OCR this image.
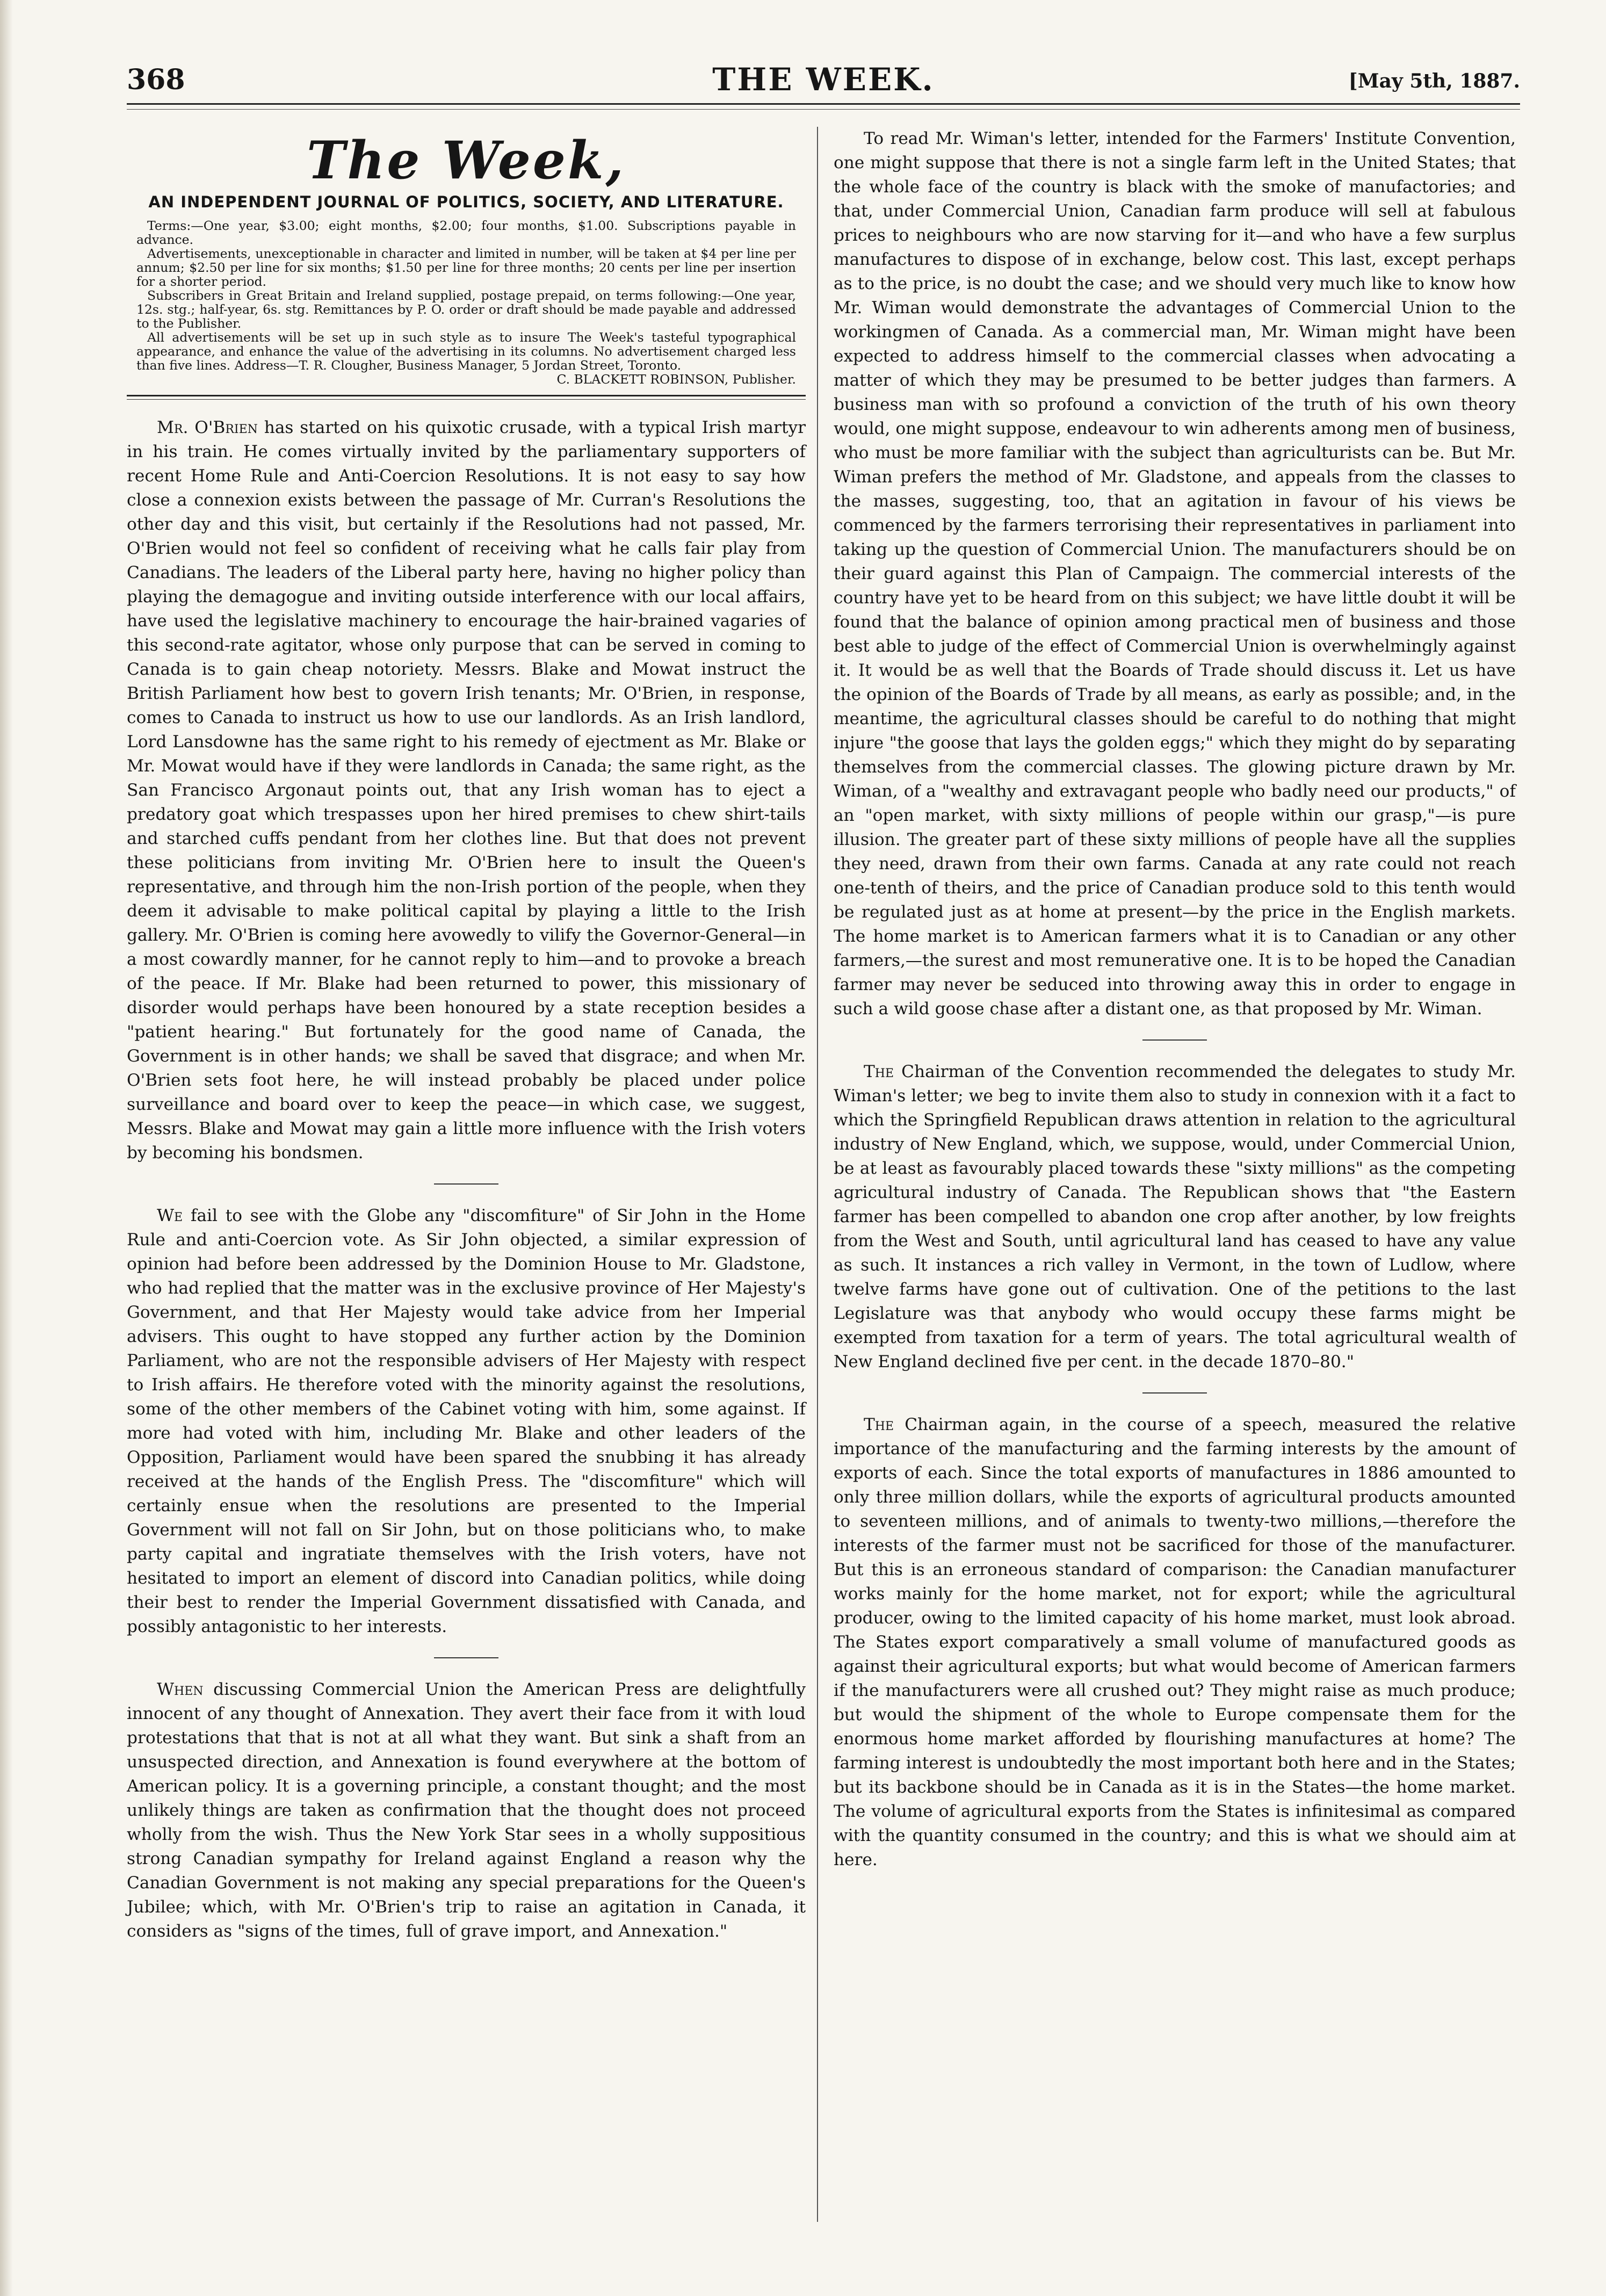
368	THE WEEK.	[May 5th, 1887.
The Week,
AN INDEPENDENT JOURNAL OF POLITICS, SOCIETY, AND LITERATURE.

Terms:—One year, $3.00; eight months, $2.00; four months, $1.00. Subscriptions payable in advance.

Advertisements, unexceptionable in character and limited in number, will be taken at $4 per line per annum; $2.50 per line for six months; $1.50 per line for three months; 20 cents per line per insertion for a shorter period.

Subscribers in Great Britain and Ireland supplied, postage prepaid, on terms following:—One year, 12s. stg.; half-year, 6s. stg. Remittances by P. O. order or draft should be made payable and addressed to the Publisher.

All advertisements will be set up in such style as to insure The Week's tasteful typographical appearance, and enhance the value of the advertising in its columns. No advertisement charged less than five lines. Address—T. R. Clougher, Business Manager, 5 Jordan Street, Toronto.

C. BLACKETT ROBINSON, Publisher.

Mr. O'Brien has started on his quixotic crusade, with a typical Irish martyr in his train. He comes virtually invited by the parliamentary supporters of recent Home Rule and Anti-Coercion Resolutions. It is not easy to say how close a connexion exists between the passage of Mr. Curran's Resolutions the other day and this visit, but certainly if the Resolutions had not passed, Mr. O'Brien would not feel so confident of receiving what he calls fair play from Canadians. The leaders of the Liberal party here, having no higher policy than playing the demagogue and inviting outside interference with our local affairs, have used the legislative machinery to encourage the hair-brained vagaries of this second-rate agitator, whose only purpose that can be served in coming to Canada is to gain cheap notoriety. Messrs. Blake and Mowat instruct the British Parliament how best to govern Irish tenants; Mr. O'Brien, in response, comes to Canada to instruct us how to use our landlords. As an Irish landlord, Lord Lansdowne has the same right to his remedy of ejectment as Mr. Blake or Mr. Mowat would have if they were landlords in Canada; the same right, as the San Francisco Argonaut points out, that any Irish woman has to eject a predatory goat which trespasses upon her hired premises to chew shirt-tails and starched cuffs pendant from her clothes line. But that does not prevent these politicians from inviting Mr. O'Brien here to insult the Queen's representative, and through him the non-Irish portion of the people, when they deem it advisable to make political capital by playing a little to the Irish gallery. Mr. O'Brien is coming here avowedly to vilify the Governor-General—in a most cowardly manner, for he cannot reply to him—and to provoke a breach of the peace. If Mr. Blake had been returned to power, this missionary of disorder would perhaps have been honoured by a state reception besides a "patient hearing." But fortunately for the good name of Canada, the Government is in other hands; we shall be saved that disgrace; and when Mr. O'Brien sets foot here, he will instead probably be placed under police surveillance and board over to keep the peace—in which case, we suggest, Messrs. Blake and Mowat may gain a little more influence with the Irish voters by becoming his bondsmen.

We fail to see with the Globe any "discomfiture" of Sir John in the Home Rule and anti-Coercion vote. As Sir John objected, a similar expression of opinion had before been addressed by the Dominion House to Mr. Gladstone, who had replied that the matter was in the exclusive province of Her Majesty's Government, and that Her Majesty would take advice from her Imperial advisers. This ought to have stopped any further action by the Dominion Parliament, who are not the responsible advisers of Her Majesty with respect to Irish affairs. He therefore voted with the minority against the resolutions, some of the other members of the Cabinet voting with him, some against. If more had voted with him, including Mr. Blake and other leaders of the Opposition, Parliament would have been spared the snubbing it has already received at the hands of the English Press. The "discomfiture" which will certainly ensue when the resolutions are presented to the Imperial Government will not fall on Sir John, but on those politicians who, to make party capital and ingratiate themselves with the Irish voters, have not hesitated to import an element of discord into Canadian politics, while doing their best to render the Imperial Government dissatisfied with Canada, and possibly antagonistic to her interests.

When discussing Commercial Union the American Press are delightfully innocent of any thought of Annexation. They avert their face from it with loud protestations that that is not at all what they want. But sink a shaft from an unsuspected direction, and Annexation is found everywhere at the bottom of American policy. It is a governing principle, a constant thought; and the most unlikely things are taken as confirmation that the thought does not proceed wholly from the wish. Thus the New York Star sees in a wholly suppositious strong Canadian sympathy for Ireland against England a reason why the Canadian Government is not making any special preparations for the Queen's Jubilee; which, with Mr. O'Brien's trip to raise an agitation in Canada, it considers as "signs of the times, full of grave import, and Annexation."

To read Mr. Wiman's letter, intended for the Farmers' Institute Convention, one might suppose that there is not a single farm left in the United States; that the whole face of the country is black with the smoke of manufactories; and that, under Commercial Union, Canadian farm produce will sell at fabulous prices to neighbours who are now starving for it—and who have a few surplus manufactures to dispose of in exchange, below cost. This last, except perhaps as to the price, is no doubt the case; and we should very much like to know how Mr. Wiman would demonstrate the advantages of Commercial Union to the workingmen of Canada. As a commercial man, Mr. Wiman might have been expected to address himself to the commercial classes when advocating a matter of which they may be presumed to be better judges than farmers. A business man with so profound a conviction of the truth of his own theory would, one might suppose, endeavour to win adherents among men of business, who must be more familiar with the subject than agriculturists can be. But Mr. Wiman prefers the method of Mr. Gladstone, and appeals from the classes to the masses, suggesting, too, that an agitation in favour of his views be commenced by the farmers terrorising their representatives in parliament into taking up the question of Commercial Union. The manufacturers should be on their guard against this Plan of Campaign. The commercial interests of the country have yet to be heard from on this subject; we have little doubt it will be found that the balance of opinion among practical men of business and those best able to judge of the effect of Commercial Union is overwhelmingly against it. It would be as well that the Boards of Trade should discuss it. Let us have the opinion of the Boards of Trade by all means, as early as possible; and, in the meantime, the agricultural classes should be careful to do nothing that might injure "the goose that lays the golden eggs;" which they might do by separating themselves from the commercial classes. The glowing picture drawn by Mr. Wiman, of a "wealthy and extravagant people who badly need our products," of an "open market, with sixty millions of people within our grasp,"—is pure illusion. The greater part of these sixty millions of people have all the supplies they need, drawn from their own farms. Canada at any rate could not reach one-tenth of theirs, and the price of Canadian produce sold to this tenth would be regulated just as at home at present—by the price in the English markets. The home market is to American farmers what it is to Canadian or any other farmers,—the surest and most remunerative one. It is to be hoped the Canadian farmer may never be seduced into throwing away this in order to engage in such a wild goose chase after a distant one, as that proposed by Mr. Wiman.

The Chairman of the Convention recommended the delegates to study Mr. Wiman's letter; we beg to invite them also to study in connexion with it a fact to which the Springfield Republican draws attention in relation to the agricultural industry of New England, which, we suppose, would, under Commercial Union, be at least as favourably placed towards these "sixty millions" as the competing agricultural industry of Canada. The Republican shows that "the Eastern farmer has been compelled to abandon one crop after another, by low freights from the West and South, until agricultural land has ceased to have any value as such. It instances a rich valley in Vermont, in the town of Ludlow, where twelve farms have gone out of cultivation. One of the petitions to the last Legislature was that anybody who would occupy these farms might be exempted from taxation for a term of years. The total agricultural wealth of New England declined five per cent. in the decade 1870–80."

The Chairman again, in the course of a speech, measured the relative importance of the manufacturing and the farming interests by the amount of exports of each. Since the total exports of manufactures in 1886 amounted to only three million dollars, while the exports of agricultural products amounted to seventeen millions, and of animals to twenty-two millions,—therefore the interests of the farmer must not be sacrificed for those of the manufacturer. But this is an erroneous standard of comparison: the Canadian manufacturer works mainly for the home market, not for export; while the agricultural producer, owing to the limited capacity of his home market, must look abroad. The States export comparatively a small volume of manufactured goods as against their agricultural exports; but what would become of American farmers if the manufacturers were all crushed out? They might raise as much produce; but would the shipment of the whole to Europe compensate them for the enormous home market afforded by flourishing manufactures at home? The farming interest is undoubtedly the most important both here and in the States; but its backbone should be in Canada as it is in the States—the home market. The volume of agricultural exports from the States is infinitesimal as compared with the quantity consumed in the country; and this is what we should aim at here.
